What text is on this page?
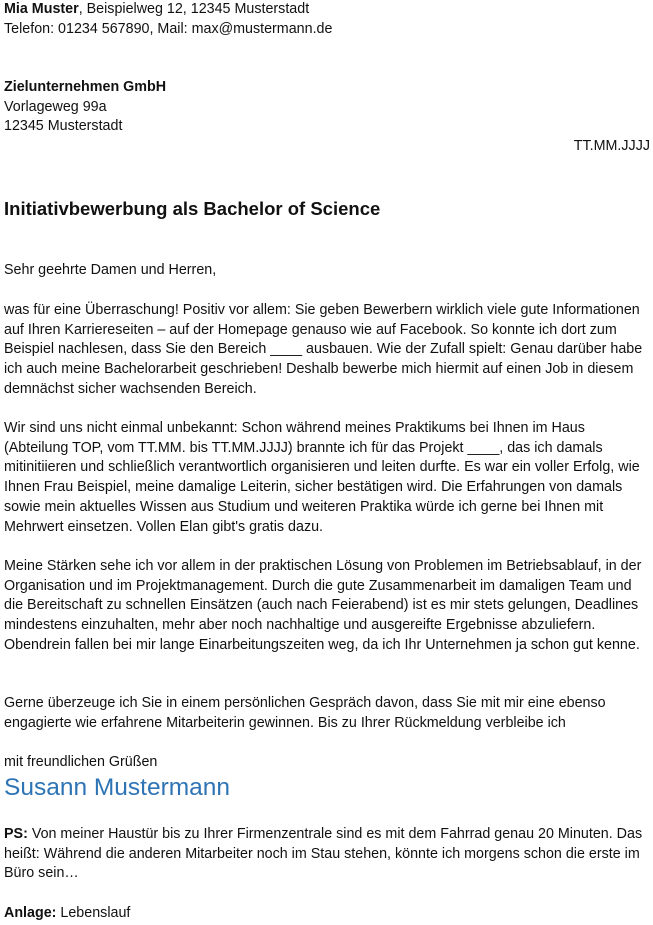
Mia Muster, Beispielweg 12, 12345 Musterstadt
Telefon: 01234 567890, Mail: max@mustermann.de
Zielunternehmen GmbH
Vorlageweg 99a
12345 Musterstadt
TT.MM.JJJJ
Initiativbewerbung als Bachelor of Science
Sehr geehrte Damen und Herren,

was für eine Überraschung! Positiv vor allem: Sie geben Bewerbern wirklich viele gute Informationen auf Ihren Karriereseiten – auf der Homepage genauso wie auf Facebook. So konnte ich dort zum Beispiel nachlesen, dass Sie den Bereich ____ ausbauen. Wie der Zufall spielt: Genau darüber habe ich auch meine Bachelorarbeit geschrieben! Deshalb bewerbe mich hiermit auf einen Job in diesem demnächst sicher wachsenden Bereich.

Wir sind uns nicht einmal unbekannt: Schon während meines Praktikums bei Ihnen im Haus (Abteilung TOP, vom TT.MM. bis TT.MM.JJJJ) brannte ich für das Projekt ____, das ich damals mitinitiieren und schließlich verantwortlich organisieren und leiten durfte. Es war ein voller Erfolg, wie Ihnen Frau Beispiel, meine damalige Leiterin, sicher bestätigen wird. Die Erfahrungen von damals sowie mein aktuelles Wissen aus Studium und weiteren Praktika würde ich gerne bei Ihnen mit Mehrwert einsetzen. Vollen Elan gibt's gratis dazu.

Meine Stärken sehe ich vor allem in der praktischen Lösung von Problemen im Betriebsablauf, in der Organisation und im Projektmanagement. Durch die gute Zusammenarbeit im damaligen Team und die Bereitschaft zu schnellen Einsätzen (auch nach Feierabend) ist es mir stets gelungen, Deadlines mindestens einzuhalten, mehr aber noch nachhaltige und ausgereifte Ergebnisse abzuliefern. Obendrein fallen bei mir lange Einarbeitungszeiten weg, da ich Ihr Unternehmen ja schon gut kenne.

Gerne überzeuge ich Sie in einem persönlichen Gespräch davon, dass Sie mit mir eine ebenso engagierte wie erfahrene Mitarbeiterin gewinnen. Bis zu Ihrer Rückmeldung verbleibe ich

mit freundlichen Grüßen
Susann Mustermann

PS: Von meiner Haustür bis zu Ihrer Firmenzentrale sind es mit dem Fahrrad genau 20 Minuten. Das heißt: Während die anderen Mitarbeiter noch im Stau stehen, könnte ich morgens schon die erste im Büro sein…

Anlage: Lebenslauf
